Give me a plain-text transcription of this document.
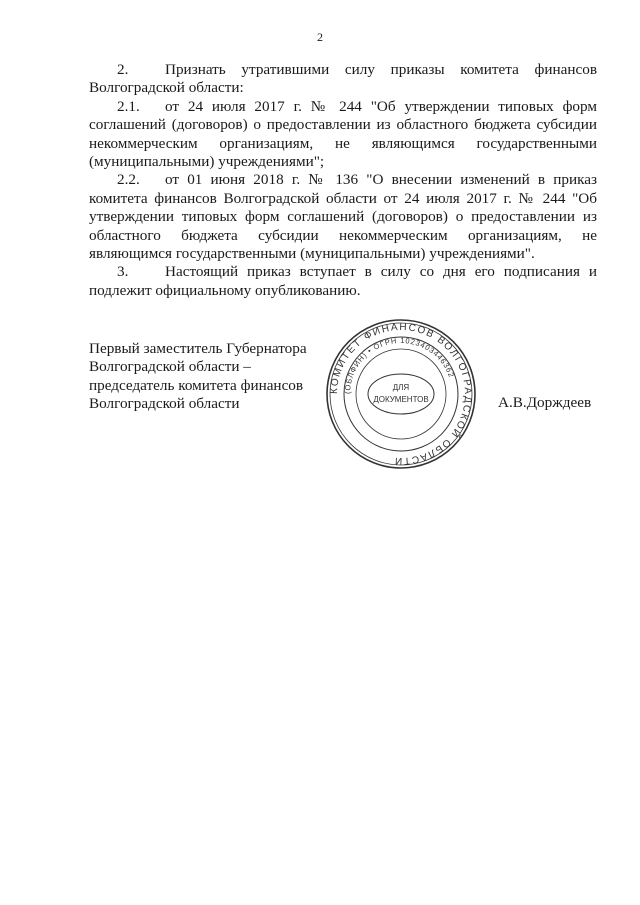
2

2. Признать утратившими силу приказы комитета финансов Волгоградской области:

2.1. от 24 июля 2017 г. № 244 "Об утверждении типовых форм соглашений (договоров) о предоставлении из областного бюджета субсидии некоммерческим организациям, не являющимся государственными (муниципальными) учреждениями";

2.2. от 01 июня 2018 г. № 136 "О внесении изменений в приказ комитета финансов Волгоградской области от 24 июля 2017 г. № 244 "Об утверждении типовых форм соглашений (договоров) о предоставлении из областного бюджета субсидии некоммерческим организациям, не являющимся государственными (муниципальными) учреждениями".

3. Настоящий приказ вступает в силу со дня его подписания и подлежит официальному опубликованию.

Первый заместитель Губернатора
Волгоградской области –
председатель комитета финансов
Волгоградской области	А.В.Дорждеев
КОМИТЕТ ФИНАНСОВ ВОЛГОГРАДСКОЙ ОБЛАСТИ
(ОБЛФИН) • ОГРН 1023403446362
ДЛЯ
ДОКУМЕНТОВ
